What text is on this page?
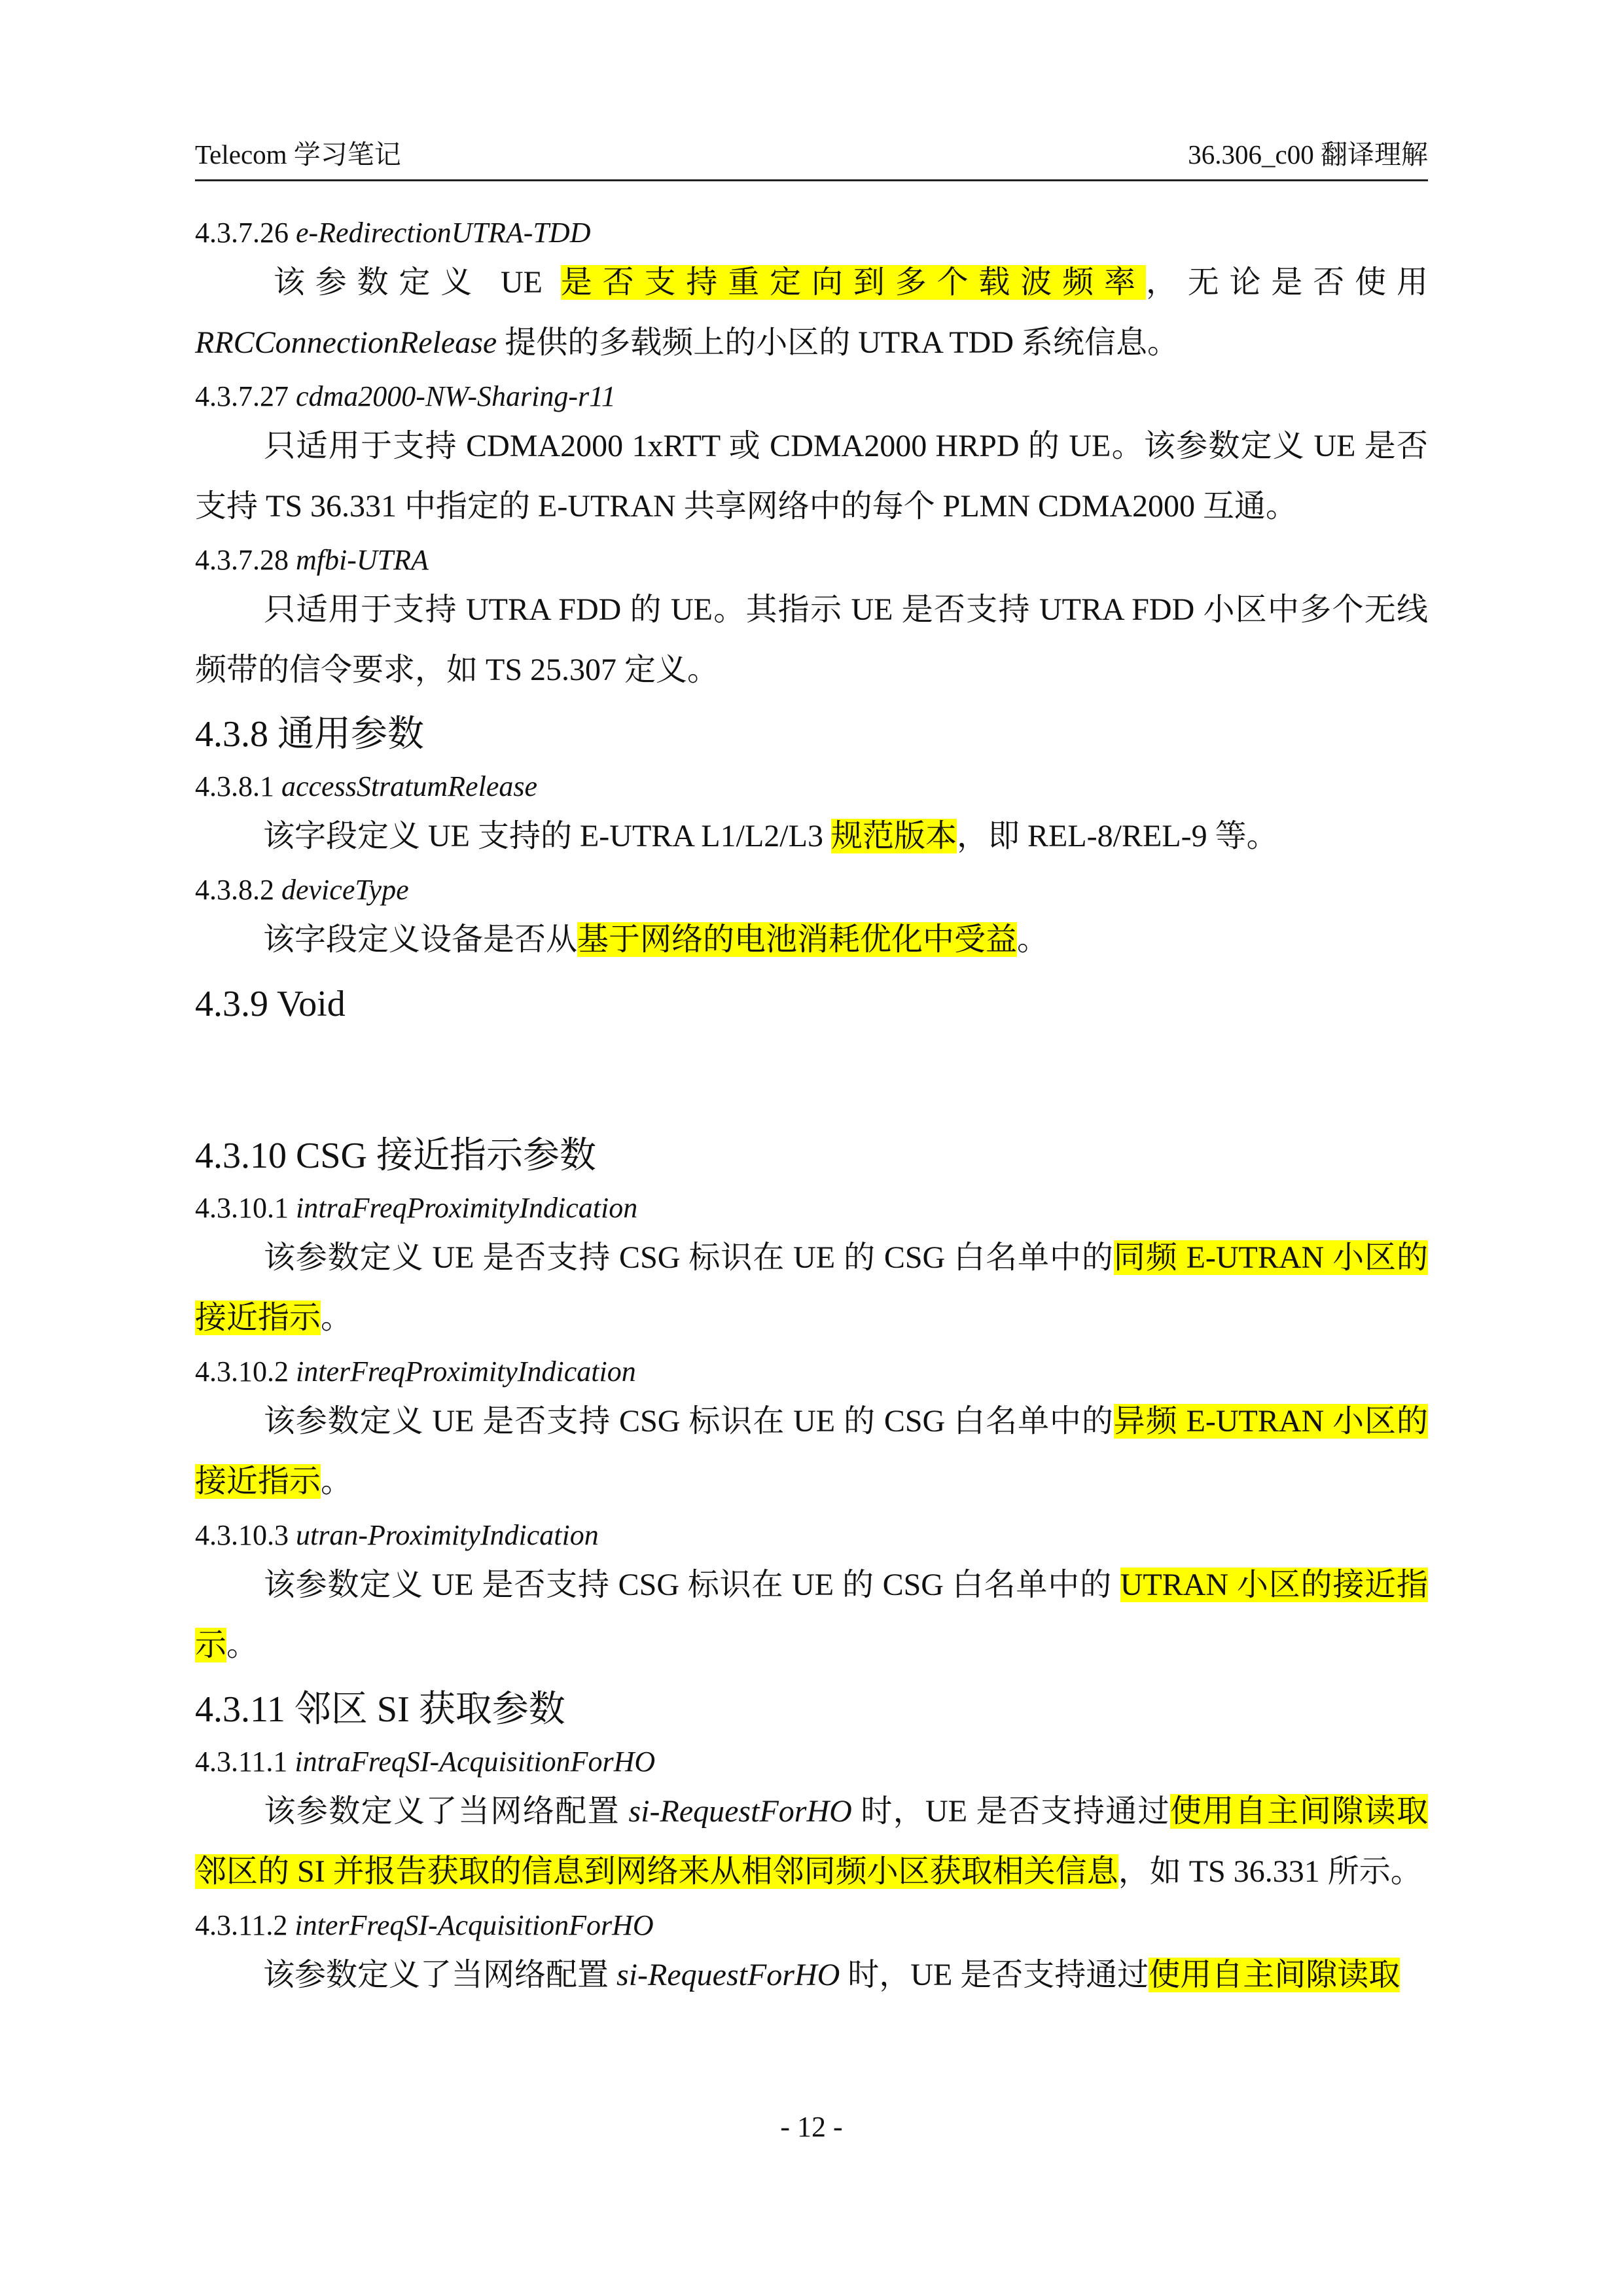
Telecom 学习笔记	36.306_c00 翻译理解

4.3.7.26 e-RedirectionUTRA-TDD

该参数定义 UE 是否支持重定向到多个载波频率，无论是否使用 RRCConnectionRelease 提供的多载频上的小区的 UTRA TDD 系统信息。

4.3.7.27 cdma2000-NW-Sharing-r11

只适用于支持 CDMA2000 1xRTT 或 CDMA2000 HRPD 的 UE。该参数定义 UE 是否支持 TS 36.331 中指定的 E-UTRAN 共享网络中的每个 PLMN CDMA2000 互通。

4.3.7.28 mfbi-UTRA

只适用于支持 UTRA FDD 的 UE。其指示 UE 是否支持 UTRA FDD 小区中多个无线频带的信令要求，如 TS 25.307 定义。

4.3.8 通用参数

4.3.8.1 accessStratumRelease

该字段定义 UE 支持的 E-UTRA L1/L2/L3 规范版本，即 REL-8/REL-9 等。

4.3.8.2 deviceType

该字段定义设备是否从基于网络的电池消耗优化中受益。

4.3.9 Void

4.3.10 CSG 接近指示参数

4.3.10.1 intraFreqProximityIndication

该参数定义 UE 是否支持 CSG 标识在 UE 的 CSG 白名单中的同频 E-UTRAN 小区的接近指示。

4.3.10.2 interFreqProximityIndication

该参数定义 UE 是否支持 CSG 标识在 UE 的 CSG 白名单中的异频 E-UTRAN 小区的接近指示。

4.3.10.3 utran-ProximityIndication

该参数定义 UE 是否支持 CSG 标识在 UE 的 CSG 白名单中的 UTRAN 小区的接近指示。

4.3.11 邻区 SI 获取参数

4.3.11.1 intraFreqSI-AcquisitionForHO

该参数定义了当网络配置 si-RequestForHO 时，UE 是否支持通过使用自主间隙读取邻区的 SI 并报告获取的信息到网络来从相邻同频小区获取相关信息，如 TS 36.331 所示。

4.3.11.2 interFreqSI-AcquisitionForHO

该参数定义了当网络配置 si-RequestForHO 时，UE 是否支持通过使用自主间隙读取

- 12 -
